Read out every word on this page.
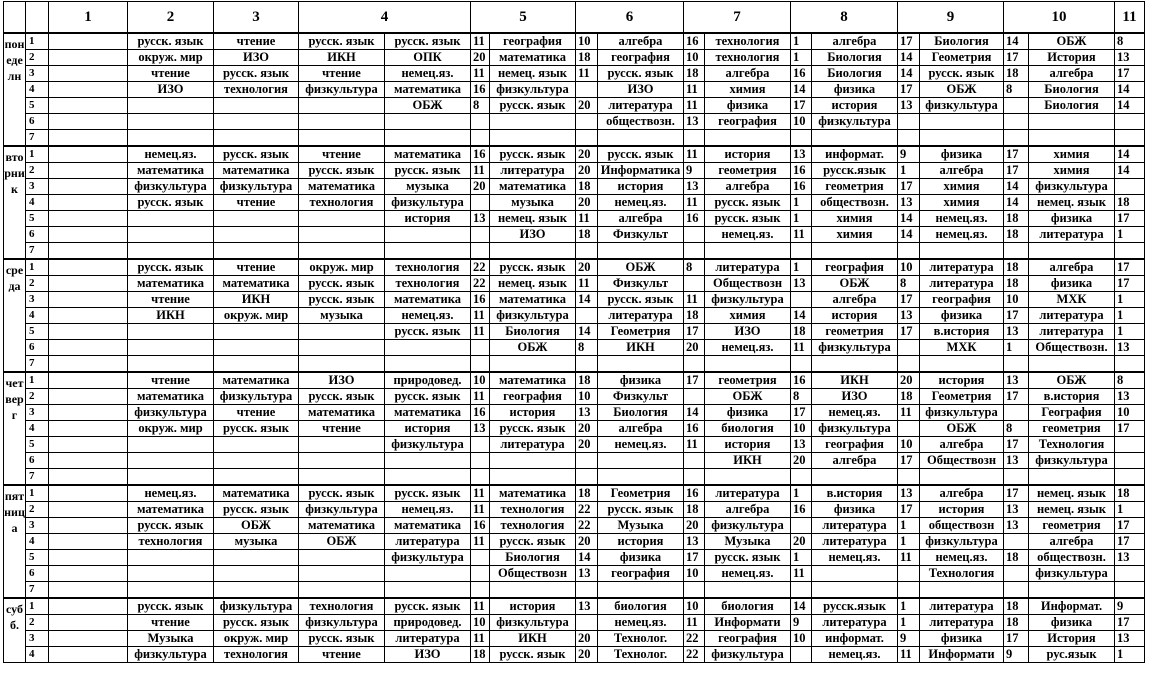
		1	2	3	4		5		6		7		8		9		10		11
понеделн	1		русск. язык	чтение	русск. язык	русск. язык	11	география	10	алгебра	16	технология	1	алгебра	17	Биология	14	ОБЖ	8
	2		окруж. мир	ИЗО	ИКН	ОПК	20	математика	18	география	10	технология	1	Биология	14	Геометрия	17	История	13
	3		чтение	русск. язык	чтение	немец.яз.	11	немец. язык	11	русск. язык	18	алгебра	16	Биология	14	русск. язык	18	алгебра	17
	4		ИЗО	технология	физкультура	математика	16	физкультура		ИЗО	11	химия	14	физика	17	ОБЖ	8	Биология	14
	5					ОБЖ	8	русск. язык	20	литература	11	физика	17	история	13	физкультура		Биология	14
	6									обществозн.	13	география	10	физкультура					
	7																		
вторник	1		немец.яз.	русск. язык	чтение	математика	16	русск. язык	20	русск. язык	11	история	13	информат.	9	физика	17	химия	14
	2		математика	математика	русск. язык	русск. язык	11	литература	20	Информатика	9	геометрия	16	русск.язык	1	алгебра	17	химия	14
	3		физкультура	физкультура	математика	музыка	20	математика	18	история	13	алгебра	16	геометрия	17	химия	14	физкультура	
	4		русск. язык	чтение	технология	физкультура		музыка	20	немец.яз.	11	русск. язык	1	обществозн.	13	химия	14	немец. язык	18
	5					история	13	немец. язык	11	алгебра	16	русск. язык	1	химия	14	немец.яз.	18	физика	17
	6							ИЗО	18	Физкульт		немец.яз.	11	химия	14	немец.яз.	18	литература	1
	7																		
среда	1		русск. язык	чтение	окруж. мир	технология	22	русск. язык	20	ОБЖ	8	литература	1	география	10	литература	18	алгебра	17
	2		математика	математика	русск. язык	технология	22	немец. язык	11	Физкульт		Обществозн	13	ОБЖ	8	литература	18	физика	17
	3		чтение	ИКН	русск. язык	математика	16	математика	14	русск. язык	11	физкультура		алгебра	17	география	10	МХК	1
	4		ИКН	окруж. мир	музыка	немец.яз.	11	физкультура		литература	18	химия	14	история	13	физика	17	литература	1
	5					русск. язык	11	Биология	14	Геометрия	17	ИЗО	18	геометрия	17	в.история	13	литература	1
	6							ОБЖ	8	ИКН	20	немец.яз.	11	физкультура		МХК	1	Обществозн.	13
	7																		
четверг	1		чтение	математика	ИЗО	природовед.	10	математика	18	физика	17	геометрия	16	ИКН	20	история	13	ОБЖ	8
	2		математика	физкультура	русск. язык	русск. язык	11	география	10	Физкульт		ОБЖ	8	ИЗО	18	Геометрия	17	в.история	13
	3		физкультура	чтение	математика	математика	16	история	13	Биология	14	физика	17	немец.яз.	11	физкультура		География	10
	4		окруж. мир	русск. язык	чтение	история	13	русск. язык	20	алгебра	16	биология	10	физкультура		ОБЖ	8	геометрия	17
	5					физкультура		литература	20	немец.яз.	11	история	13	география	10	алгебра	17	Технология	
	6											ИКН	20	алгебра	17	Обществозн	13	физкультура	
	7																		
пятница	1		немец.яз.	математика	русск. язык	русск. язык	11	математика	18	Геометрия	16	литература	1	в.история	13	алгебра	17	немец. язык	18
	2		математика	русск. язык	физкультура	немец.яз.	11	технология	22	русск. язык	18	алгебра	16	физика	17	история	13	немец. язык	1
	3		русск. язык	ОБЖ	математика	математика	16	технология	22	Музыка	20	физкультура		литература	1	обществозн	13	геометрия	17
	4		технология	музыка	ОБЖ	литература	11	русск. язык	20	история	13	Музыка	20	литература	1	физкультура		алгебра	17
	5					физкультура		Биология	14	физика	17	русск. язык	1	немец.яз.	11	немец.яз.	18	обществозн.	13
	6							Обществозн	13	география	10	немец.яз.	11			Технология		физкультура	
	7																		
субб.	1		русск. язык	физкультура	технология	русск. язык	11	история	13	биология	10	биология	14	русск.язык	1	литература	18	Информат.	9
	2		чтение	русск. язык	физкультура	природовед.	10	физкультура		немец.яз.	11	Информати	9	литература	1	литература	18	физика	17
	3		Музыка	окруж. мир	русск. язык	литература	11	ИКН	20	Технолог.	22	география	10	информат.	9	физика	17	История	13
	4		физкультура	технология	чтение	ИЗО	18	русск. язык	20	Технолог.	22	физкультура		немец.яз.	11	Информати	9	рус.язык	1
